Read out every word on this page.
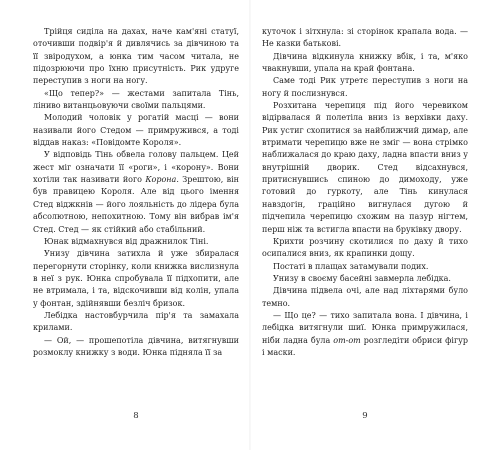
Трійця сиділа на дахах, наче кам'яні статуї, оточивши подвір'я й дивлячись за дівчиною та її звіродухом, а юнка тим часом читала, не підозрюючи про їхню присутність. Рик удруге переступив з ноги на ногу.

«Що тепер?» — жестами запитала Тінь, лінивo витанцьовуючи своїми пальцями.

Молодий чоловік у рогатій масці — вони називали його Стедом — примружився, а тоді віддав наказ: «Повідомте Короля».

У відповідь Тінь обвела голову пальцем. Цей жест міг означати її «роги», і «корону». Вони хотіли так називати його Корона. Зрештою, він був правицею Короля. Але від цього імення Стед віджкнів — його лояльність до лідера була абсолютною, непохитною. Тому він вибрав ім'я Стед. Стед — як стійкий або стабільний.

Юнак відмахнувся від дражнилок Тіні.

Унизу дівчина затихла й уже збиралася перегорнути сторінку, коли книжка вислизнула в неї з рук. Юнка спробувала її підхопити, але не втримала, і та, відскочивши від колін, упала у фонтан, здійнявши безліч бризок.

Лебідка настовбурчила пір'я та замахала крилами.

— Ой, — прошепотіла дівчина, витягнувши розмоклу книжку з води. Юнка підняла її за

куточок і зітхнула: зі сторінок крапала вода. — Не казки батькові.

Дівчина відкинула книжку вбік, і та, м'яко чвакнувши, упала на край фонтана.

Саме тоді Рик утретє переступив з ноги на ногу й послизнувся.

Розхитана черепиця під його черевиком відірвалася й полетіла вниз із верхівки даху. Рик устиг схопитися за найближчий димар, але втримати черепицю вже не зміг — вона стрімко наближалася до краю даху, ладна впасти вниз у внутрішній дворик. Стед відсахнувся, притиснувшись спиною до димоходу, уже готовий до гуркоту, але Тінь кинулася навздогін, граційно вигнулася дугою й підчепила черепицю схожим на пазур нігтем, перш ніж та встигла впасти на бруківку двору.

Крихти розчину скотилися по даху й тихо осипалися вниз, як крапинки дощу.

Постаті в плащах затамували подих.

Унизу в своєму басейні завмерла лебідка.

Дівчина підвела очі, але над ліхтарями було темно.

— Що це? — тихо запитала вона. І дівчина, і лебідка витягнули шиї. Юнка примружилася, ніби ладна була от-от розгледіти обриси фігур і маски.

8	9
